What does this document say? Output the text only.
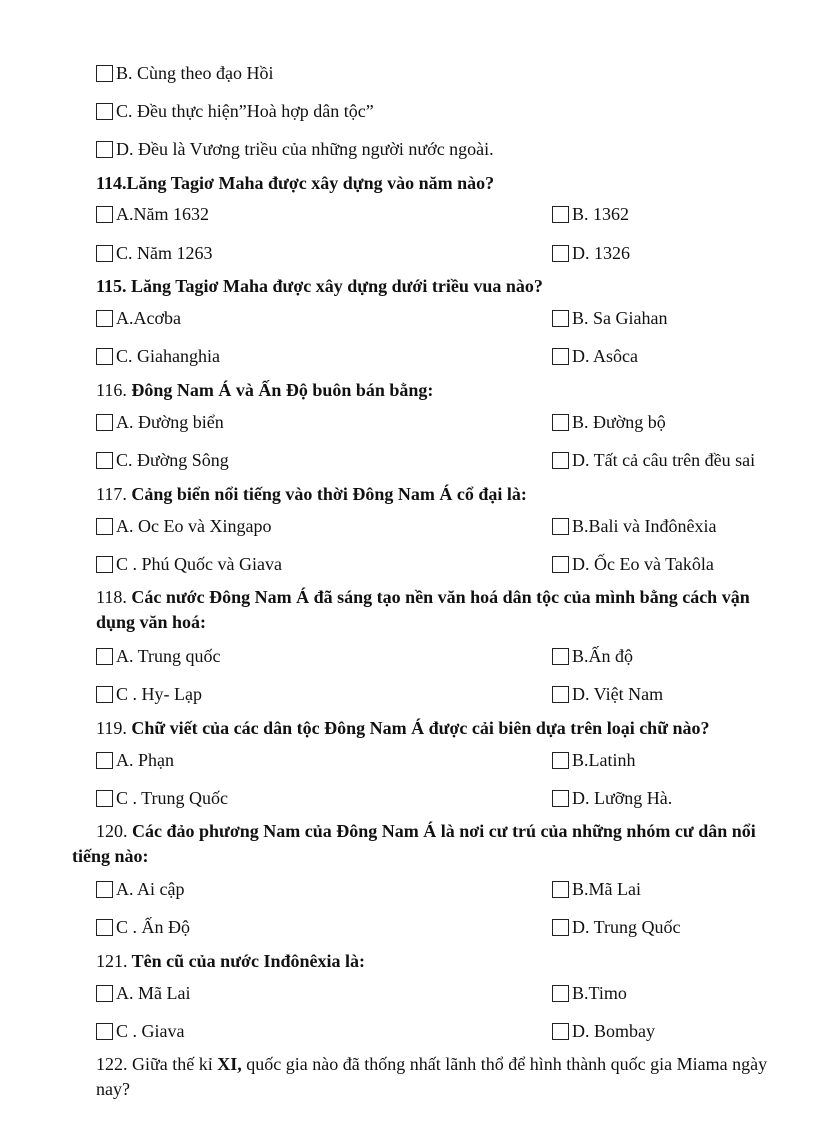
B. Cùng theo đạo Hồi
C. Đều thực hiện”Hoà hợp dân tộc”
D. Đều là Vương triều của những người nước ngoài.
114.Lăng Tagiơ Maha được xây dựng vào năm nào?
A.Năm 1632	B. 1362
C. Năm 1263	D. 1326
115. Lăng Tagiơ Maha được xây dựng dưới triều vua nào?
A.Acơba	B. Sa Giahan
C. Giahanghia	D. Asôca
116. Đông Nam Á và Ấn Độ buôn bán bằng:
A. Đường biển	B. Đường bộ
C. Đường Sông	D. Tất cả câu trên đều sai
117. Cảng biển nổi tiếng vào thời Đông Nam Á cổ đại là:
A. Oc Eo và Xingapo	B.Bali và Inđônêxia
C . Phú Quốc và Giava	D. Ốc Eo và Takôla
118. Các nước Đông Nam Á đã sáng tạo nền văn hoá dân tộc của mình bằng cách vận dụng văn hoá:
A. Trung quốc	B.Ấn độ
C . Hy- Lạp	D. Việt Nam
119. Chữ viết của các dân tộc Đông Nam Á được cải biên dựa trên loại chữ nào?
A. Phạn	B.Latinh
C . Trung Quốc	D. Lưỡng Hà.
120. Các đảo phương Nam của Đông Nam Á là nơi cư trú của những nhóm cư dân nổi tiếng nào:
A. Ai cập	B.Mã Lai
C . Ấn Độ	D. Trung Quốc
121. Tên cũ của nước Inđônêxia là:
A. Mã Lai	B.Timo
C . Giava	D. Bombay
122. Giữa thế kỉ XI, quốc gia nào đã thống nhất lãnh thổ để hình thành quốc gia Miama ngày nay?
